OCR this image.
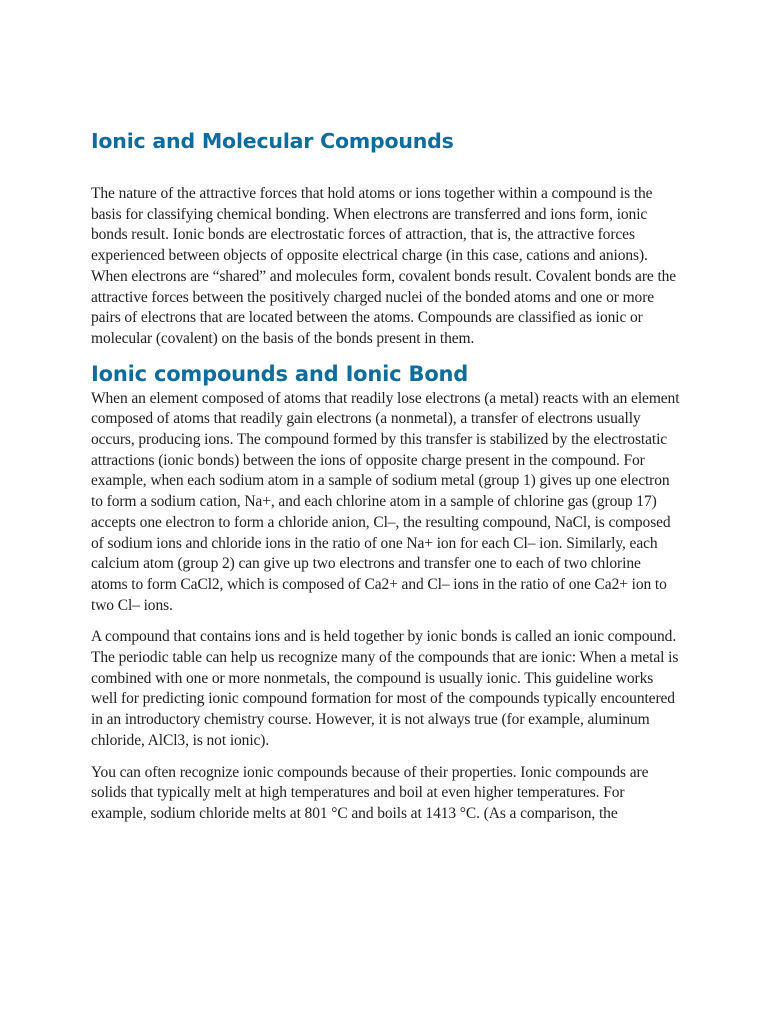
Ionic and Molecular Compounds

The nature of the attractive forces that hold atoms or ions together within a compound is the basis for classifying chemical bonding. When electrons are transferred and ions form, ionic bonds result. Ionic bonds are electrostatic forces of attraction, that is, the attractive forces experienced between objects of opposite electrical charge (in this case, cations and anions). When electrons are “shared” and molecules form, covalent bonds result. Covalent bonds are the attractive forces between the positively charged nuclei of the bonded atoms and one or more pairs of electrons that are located between the atoms. Compounds are classified as ionic or molecular (covalent) on the basis of the bonds present in them.

Ionic compounds and Ionic Bond

When an element composed of atoms that readily lose electrons (a metal) reacts with an element composed of atoms that readily gain electrons (a nonmetal), a transfer of electrons usually occurs, producing ions. The compound formed by this transfer is stabilized by the electrostatic attractions (ionic bonds) between the ions of opposite charge present in the compound. For example, when each sodium atom in a sample of sodium metal (group 1) gives up one electron to form a sodium cation, Na+, and each chlorine atom in a sample of chlorine gas (group 17) accepts one electron to form a chloride anion, Cl–, the resulting compound, NaCl, is composed of sodium ions and chloride ions in the ratio of one Na+ ion for each Cl– ion. Similarly, each calcium atom (group 2) can give up two electrons and transfer one to each of two chlorine atoms to form CaCl2, which is composed of Ca2+ and Cl– ions in the ratio of one Ca2+ ion to two Cl– ions.

A compound that contains ions and is held together by ionic bonds is called an ionic compound. The periodic table can help us recognize many of the compounds that are ionic: When a metal is combined with one or more nonmetals, the compound is usually ionic. This guideline works well for predicting ionic compound formation for most of the compounds typically encountered in an introductory chemistry course. However, it is not always true (for example, aluminum chloride, AlCl3, is not ionic).

You can often recognize ionic compounds because of their properties. Ionic compounds are solids that typically melt at high temperatures and boil at even higher temperatures. For example, sodium chloride melts at 801 °C and boils at 1413 °C. (As a comparison, the
